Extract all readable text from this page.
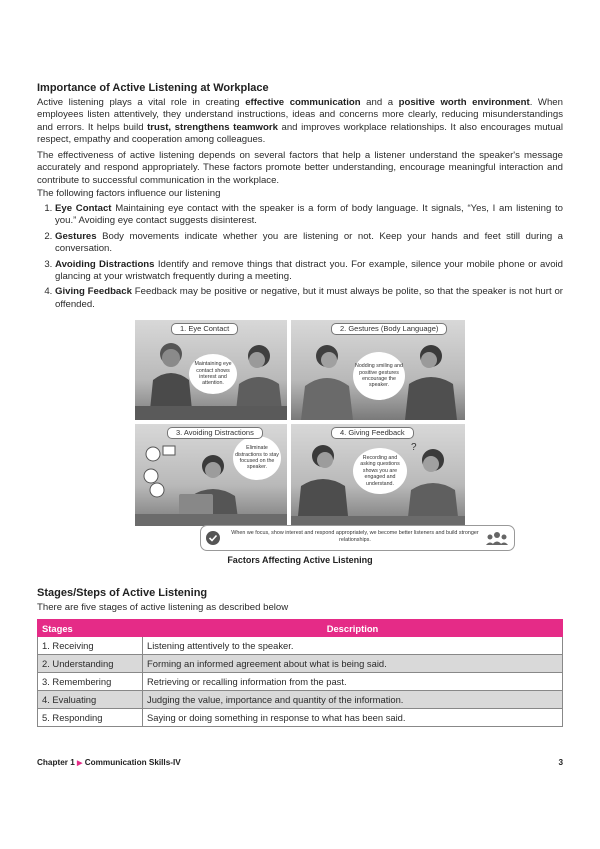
Importance of Active Listening at Workplace

Active listening plays a vital role in creating effective communication and a positive worth environment. When employees listen attentively, they understand instructions, ideas and concerns more clearly, reducing misunderstandings and errors. It helps build trust, strengthens teamwork and improves workplace relationships. It also encourages mutual respect, empathy and cooperation among colleagues.

The effectiveness of active listening depends on several factors that help a listener understand the speaker's message accurately and respond appropriately. These factors promote better understanding, encourage meaningful interaction and contribute to successful communication in the workplace.

The following factors influence our listening

1. Eye Contact Maintaining eye contact with the speaker is a form of body language. It signals, “Yes, I am listening to you.” Avoiding eye contact suggests disinterest.
2. Gestures Body movements indicate whether you are listening or not. Keep your hands and feet still during a conversation.
3. Avoiding Distractions Identify and remove things that distract you. For example, silence your mobile phone or avoid glancing at your wristwatch frequently during a meeting.
4. Giving Feedback Feedback may be positive or negative, but it must always be polite, so that the speaker is not hurt or offended.
Maintaining eye contact shows interest and attention.
1. Eye Contact
Nodding smiling and positive gestures encourage the speaker.
2. Gestures (Body Language)
Eliminate distractions to stay focused on the speaker.
3. Avoiding Distractions
Recording and asking questions shows you are engaged and understand.
?
4. Giving Feedback
When we focus, show interest and respond appropriately, we become better listeners and build stronger relationships.
Factors Affecting Active Listening
Stages/Steps of Active Listening

There are five stages of active listening as described below

Stages	Description
1. Receiving	Listening attentively to the speaker.
2. Understanding	Forming an informed agreement about what is being said.
3. Remembering	Retrieving or recalling information from the past.
4. Evaluating	Judging the value, importance and quantity of the information.
5. Responding	Saying or doing something in response to what has been said.
Chapter 1 ▶ Communication Skills-IV	3
